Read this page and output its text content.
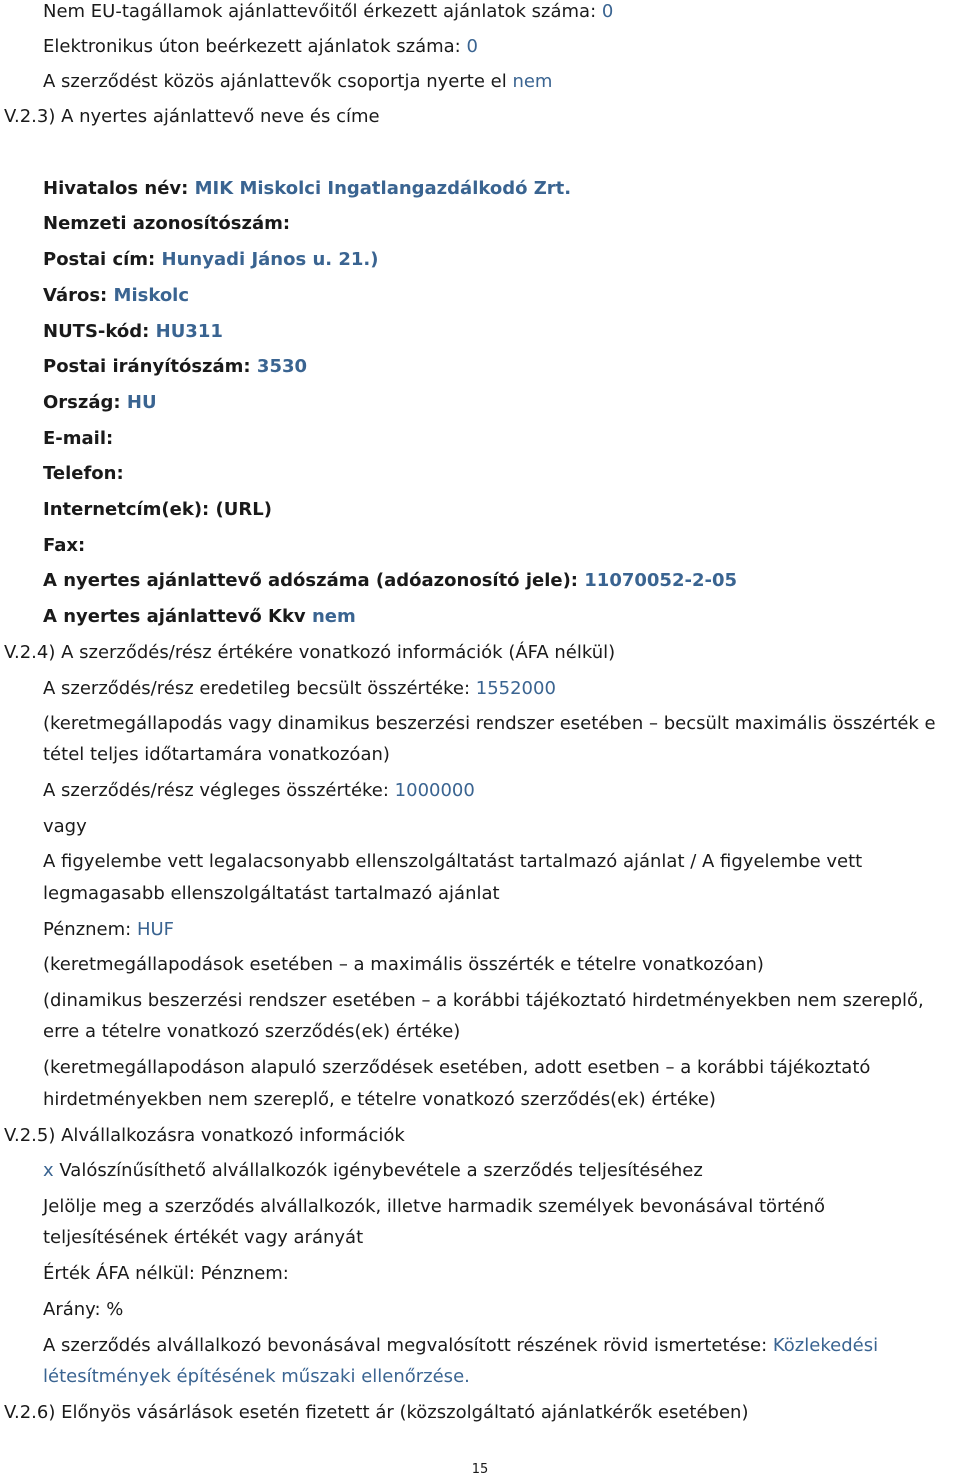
Nem EU-tagállamok ajánlattevőitől érkezett ajánlatok száma: 0
Elektronikus úton beérkezett ajánlatok száma: 0
A szerződést közös ajánlattevők csoportja nyerte el nem
V.2.3) A nyertes ajánlattevő neve és címe
Hivatalos név: MIK Miskolci Ingatlangazdálkodó Zrt.
Nemzeti azonosítószám:
Postai cím: Hunyadi János u. 21.)
Város: Miskolc
NUTS-kód: HU311
Postai irányítószám: 3530
Ország: HU
E-mail:
Telefon:
Internetcím(ek): (URL)
Fax:
A nyertes ajánlattevő adószáma (adóazonosító jele): 11070052-2-05
A nyertes ajánlattevő Kkv nem
V.2.4) A szerződés/rész értékére vonatkozó információk (ÁFA nélkül)
A szerződés/rész eredetileg becsült összértéke: 1552000
(keretmegállapodás vagy dinamikus beszerzési rendszer esetében – becsült maximális összérték e
tétel teljes időtartamára vonatkozóan)
A szerződés/rész végleges összértéke: 1000000
vagy
A figyelembe vett legalacsonyabb ellenszolgáltatást tartalmazó ajánlat / A figyelembe vett
legmagasabb ellenszolgáltatást tartalmazó ajánlat
Pénznem: HUF
(keretmegállapodások esetében – a maximális összérték e tételre vonatkozóan)
(dinamikus beszerzési rendszer esetében – a korábbi tájékoztató hirdetményekben nem szereplő,
erre a tételre vonatkozó szerződés(ek) értéke)
(keretmegállapodáson alapuló szerződések esetében, adott esetben – a korábbi tájékoztató
hirdetményekben nem szereplő, e tételre vonatkozó szerződés(ek) értéke)
V.2.5) Alvállalkozásra vonatkozó információk
x Valószínűsíthető alvállalkozók igénybevétele a szerződés teljesítéséhez
Jelölje meg a szerződés alvállalkozók, illetve harmadik személyek bevonásával történő
teljesítésének értékét vagy arányát
Érték ÁFA nélkül: Pénznem:
Arány: %
A szerződés alvállalkozó bevonásával megvalósított részének rövid ismertetése: Közlekedési
létesítmények építésének műszaki ellenőrzése.
V.2.6) Előnyös vásárlások esetén fizetett ár (közszolgáltató ajánlatkérők esetében)
15
